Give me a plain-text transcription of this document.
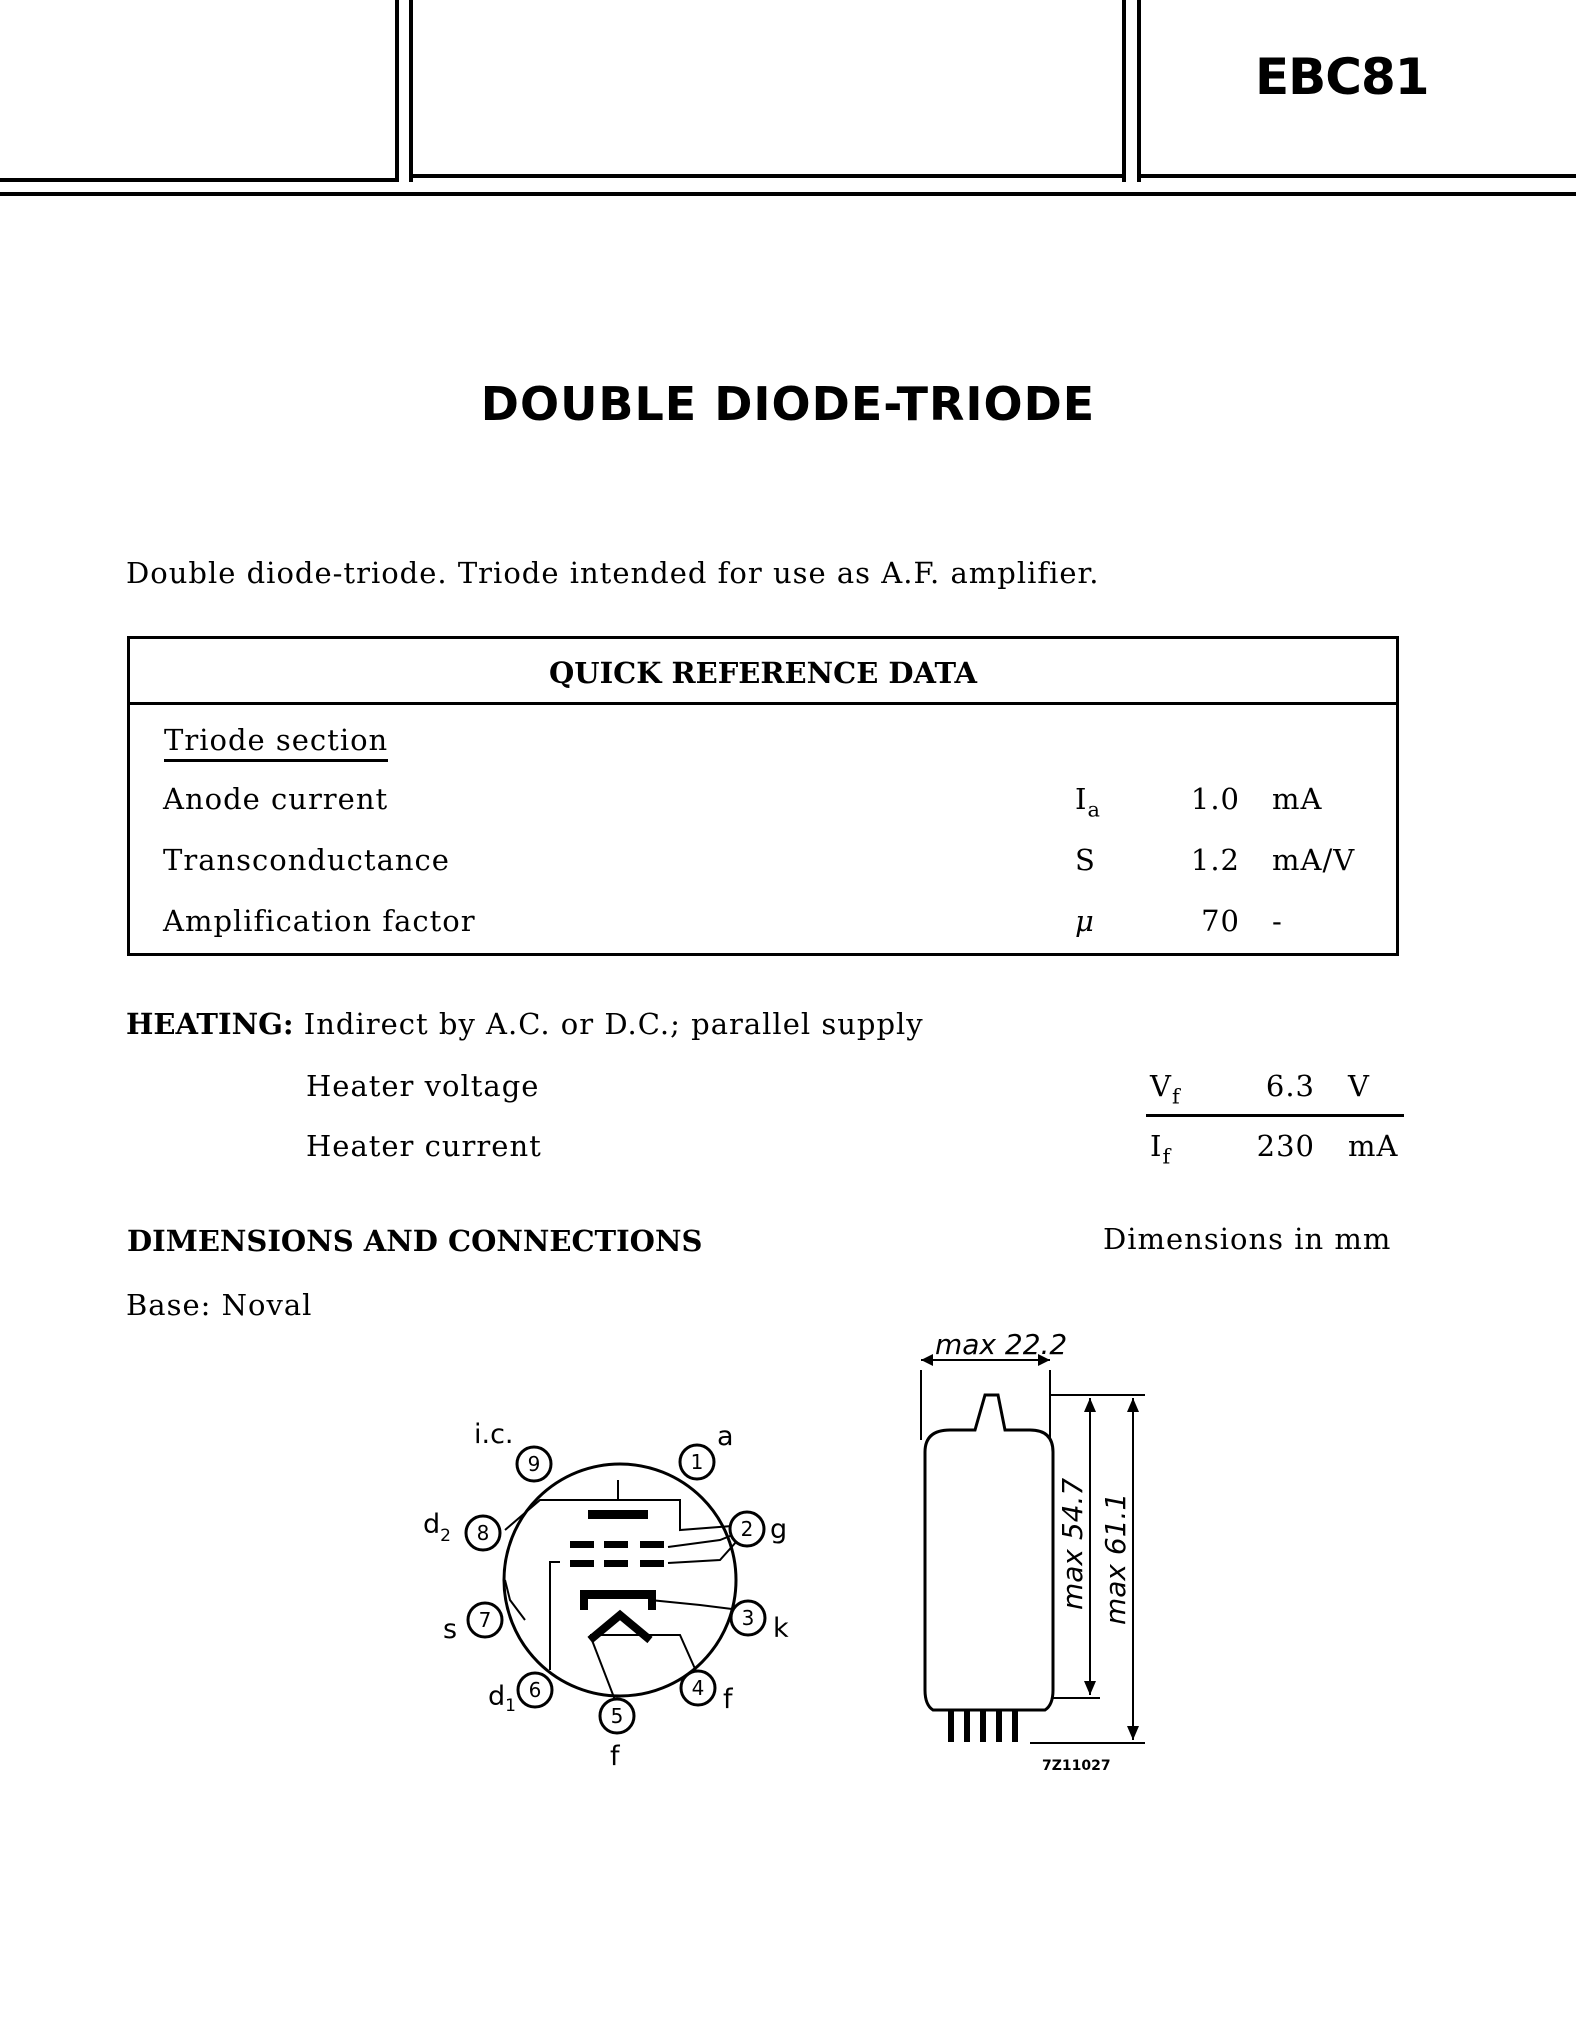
EBC81
DOUBLE DIODE-TRIODE
Double diode-triode. Triode intended for use as A.F. amplifier.
QUICK REFERENCE DATA
Triode section
Anode current	$I_a$	1.0 mA
Transconductance	S	1.2 mA/V
Amplification factor	μ	70 -
HEATING: Indirect by A.C. or D.C.; parallel supply
Heater voltage	$V_f$	6.3 V
Heater current	$I_f$	230 mA
DIMENSIONS AND CONNECTIONS	Dimensions in mm
Base: Noval
1
2
3
4
5
6
7
8
9
a
g
k
f
f
$d_1$
s
$d_2$
i.c.
max 22.2
max 54.7 max 61.1
7Z11027
